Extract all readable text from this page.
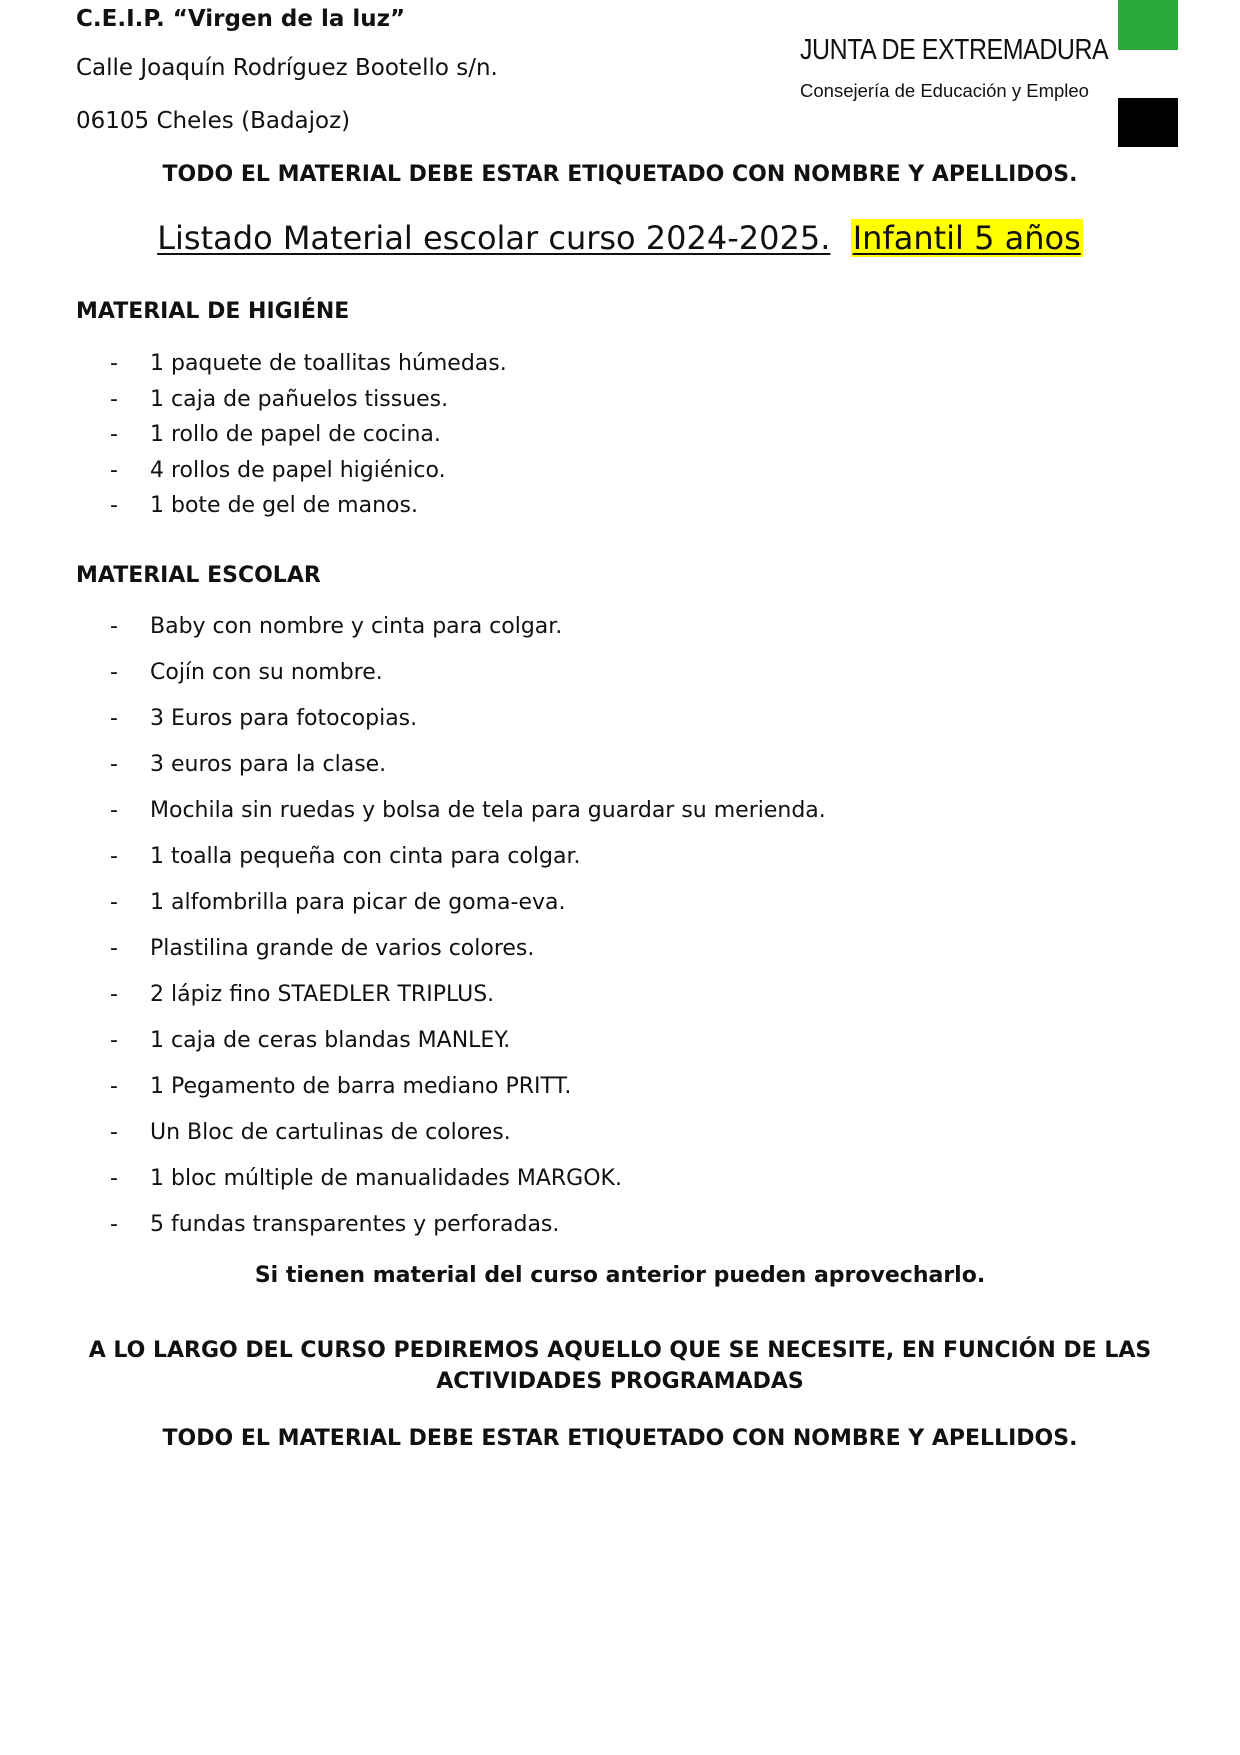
C.E.I.P. “Virgen de la luz”
Calle Joaquín Rodríguez Bootello s/n.
06105 Cheles (Badajoz)
JUNTA DE EXTREMADURA
Consejería de Educación y Empleo
TODO EL MATERIAL DEBE ESTAR ETIQUETADO CON NOMBRE Y APELLIDOS.
Listado Material escolar curso 2024-2025. Infantil 5 años
MATERIAL DE HIGIÉNE
- 1 paquete de toallitas húmedas.
- 1 caja de pañuelos tissues.
- 1 rollo de papel de cocina.
- 4 rollos de papel higiénico.
- 1 bote de gel de manos.
MATERIAL ESCOLAR
- Baby con nombre y cinta para colgar.
- Cojín con su nombre.
- 3 Euros para fotocopias.
- 3 euros para la clase.
- Mochila sin ruedas y bolsa de tela para guardar su merienda.
- 1 toalla pequeña con cinta para colgar.
- 1 alfombrilla para picar de goma-eva.
- Plastilina grande de varios colores.
- 2 lápiz fino STAEDLER TRIPLUS.
- 1 caja de ceras blandas MANLEY.
- 1 Pegamento de barra mediano PRITT.
- Un Bloc de cartulinas de colores.
- 1 bloc múltiple de manualidades MARGOK.
- 5 fundas transparentes y perforadas.
Si tienen material del curso anterior pueden aprovecharlo.
A LO LARGO DEL CURSO PEDIREMOS AQUELLO QUE SE NECESITE, EN FUNCIÓN DE LAS
ACTIVIDADES PROGRAMADAS
TODO EL MATERIAL DEBE ESTAR ETIQUETADO CON NOMBRE Y APELLIDOS.
